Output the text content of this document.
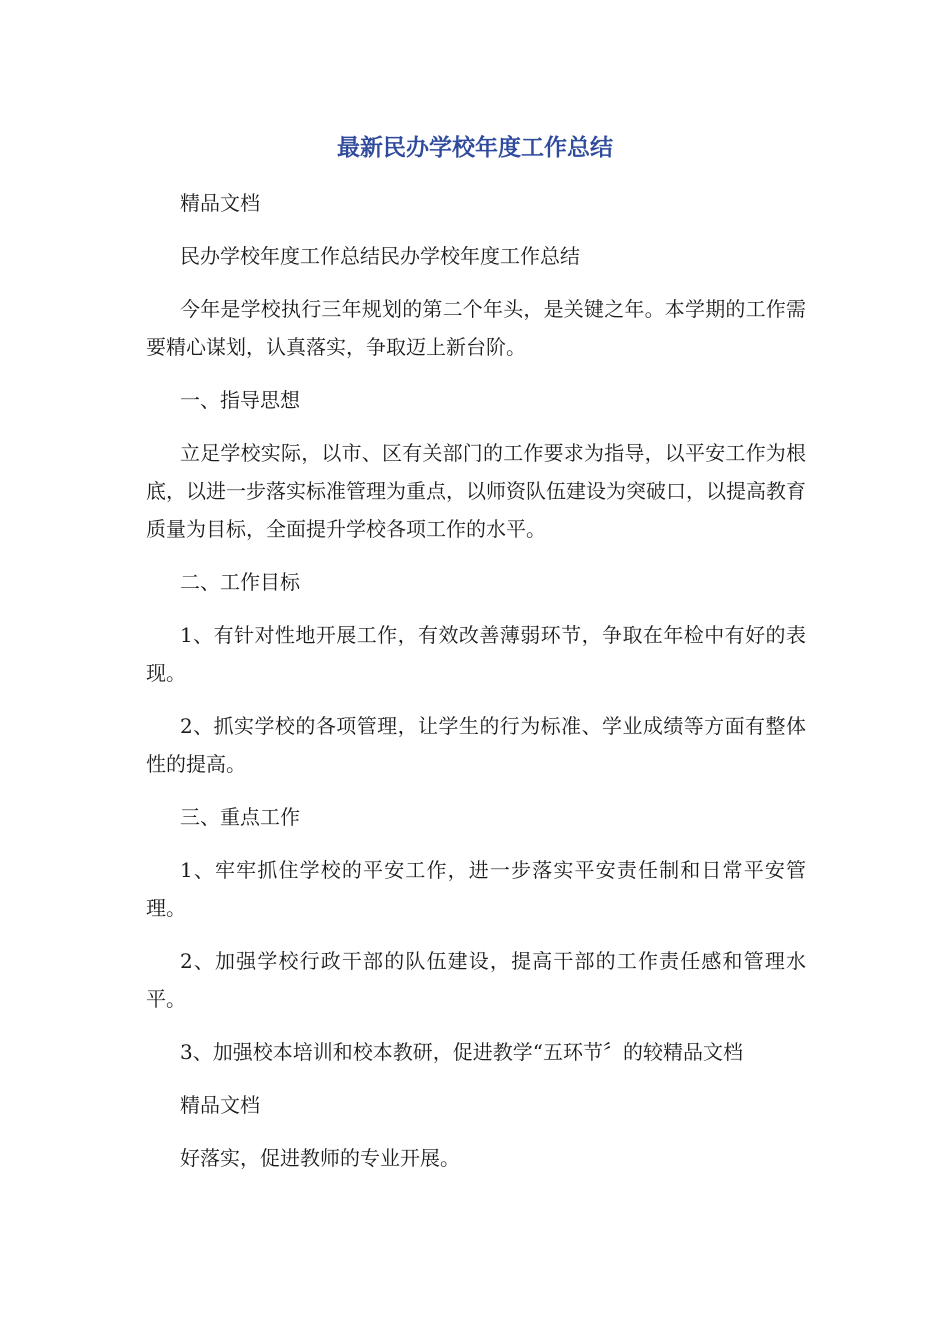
最新民办学校年度工作总结

精品文档

民办学校年度工作总结民办学校年度工作总结

今年是学校执行三年规划的第二个年头，是关键之年。本学期的工作需要精心谋划，认真落实，争取迈上新台阶。

一、指导思想

立足学校实际，以市、区有关部门的工作要求为指导，以平安工作为根底，以进一步落实标准管理为重点，以师资队伍建设为突破口，以提高教育质量为目标，全面提升学校各项工作的水平。

二、工作目标

1、有针对性地开展工作，有效改善薄弱环节，争取在年检中有好的表现。

2、抓实学校的各项管理，让学生的行为标准、学业成绩等方面有整体性的提高。

三、重点工作

1、牢牢抓住学校的平安工作，进一步落实平安责任制和日常平安管理。

2、加强学校行政干部的队伍建设，提高干部的工作责任感和管理水平。

3、加强校本培训和校本教研，促进教学“五环节〞的较精品文档

精品文档

好落实，促进教师的专业开展。
